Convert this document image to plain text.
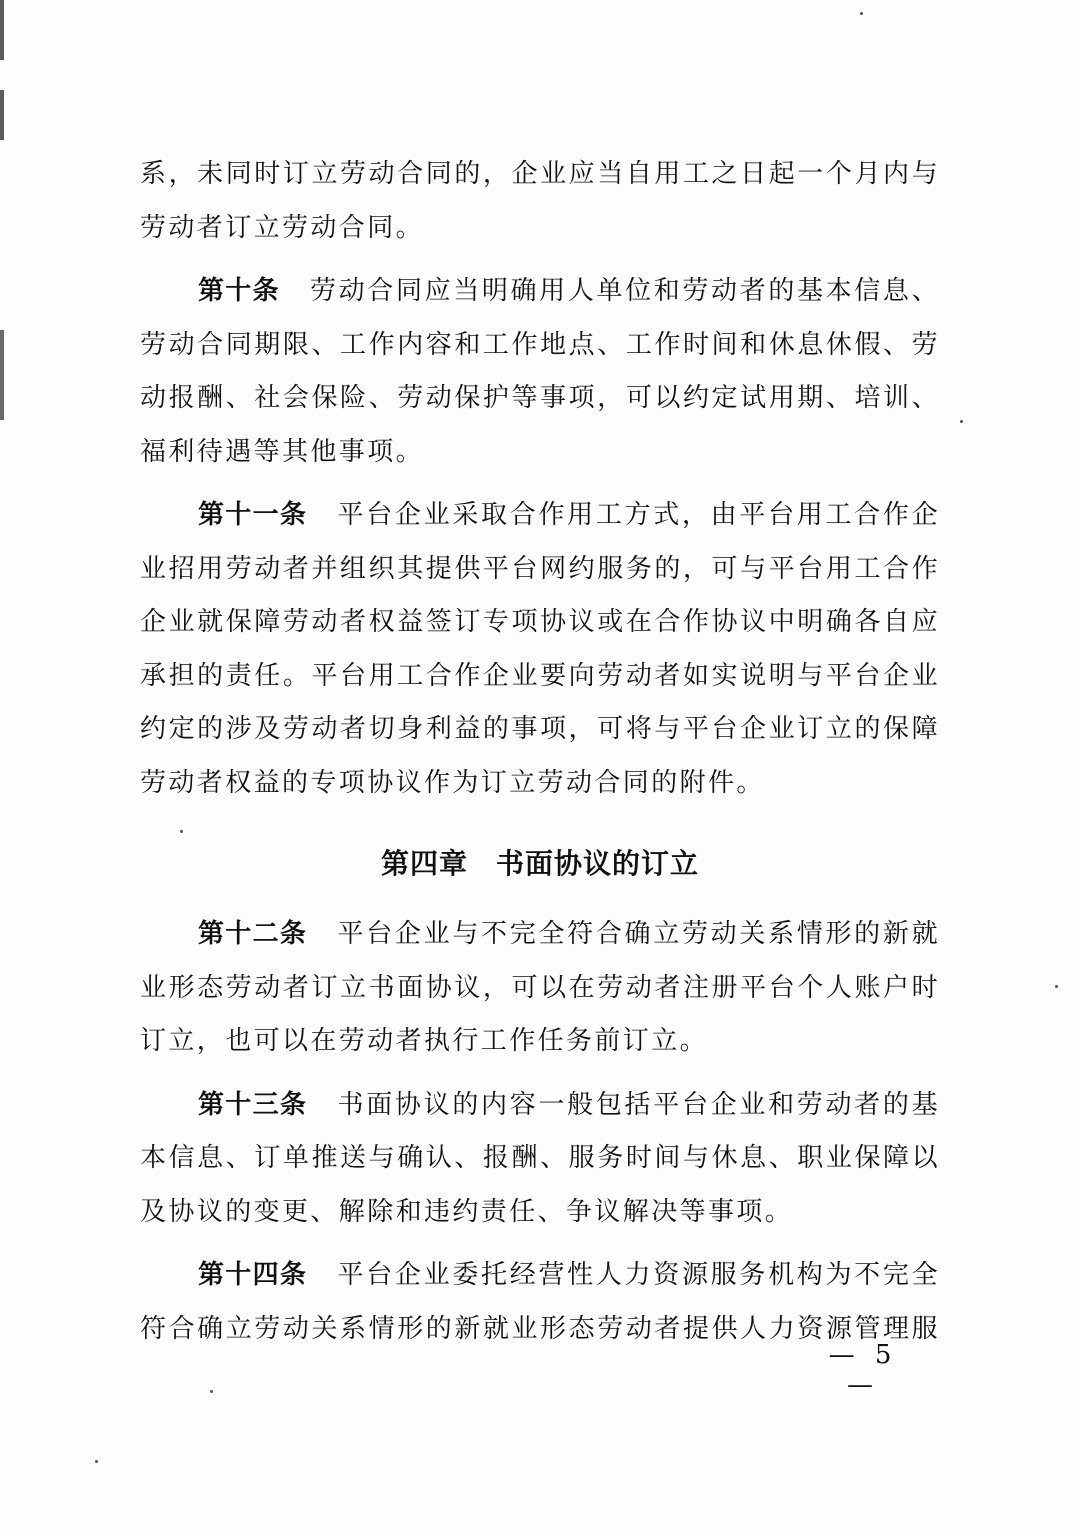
系，未同时订立劳动合同的，企业应当自用工之日起一个月内与
劳动者订立劳动合同。
第十条 劳动合同应当明确用人单位和劳动者的基本信息、
劳动合同期限、工作内容和工作地点、工作时间和休息休假、劳
动报酬、社会保险、劳动保护等事项，可以约定试用期、培训、
福利待遇等其他事项。
第十一条 平台企业采取合作用工方式，由平台用工合作企
业招用劳动者并组织其提供平台网约服务的，可与平台用工合作
企业就保障劳动者权益签订专项协议或在合作协议中明确各自应
承担的责任。平台用工合作企业要向劳动者如实说明与平台企业
约定的涉及劳动者切身利益的事项，可将与平台企业订立的保障
劳动者权益的专项协议作为订立劳动合同的附件。
第四章 书面协议的订立
第十二条 平台企业与不完全符合确立劳动关系情形的新就
业形态劳动者订立书面协议，可以在劳动者注册平台个人账户时
订立，也可以在劳动者执行工作任务前订立。
第十三条 书面协议的内容一般包括平台企业和劳动者的基
本信息、订单推送与确认、报酬、服务时间与休息、职业保障以
及协议的变更、解除和违约责任、争议解决等事项。
第十四条 平台企业委托经营性人力资源服务机构为不完全
符合确立劳动关系情形的新就业形态劳动者提供人力资源管理服
— 5 —
